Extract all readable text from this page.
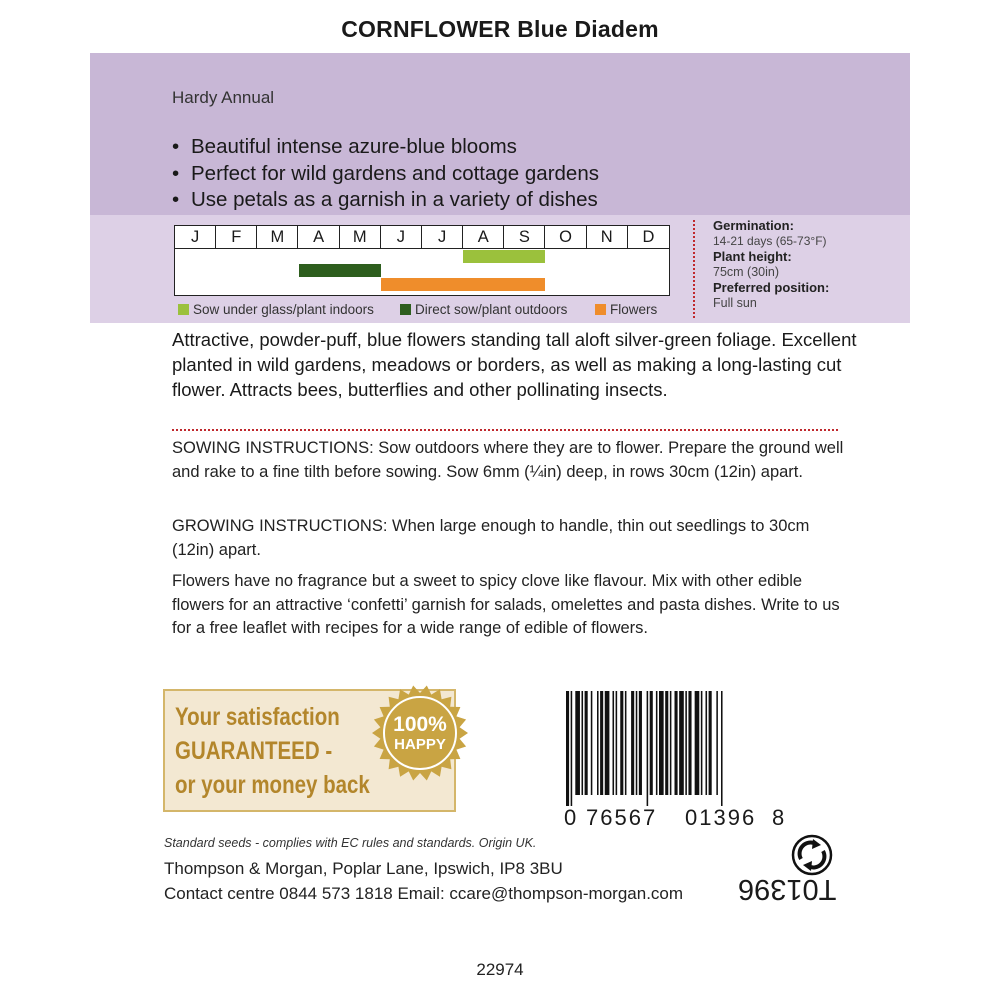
CORNFLOWER Blue Diadem
Hardy Annual
• Beautiful intense azure-blue blooms
• Perfect for wild gardens and cottage gardens
• Use petals as a garnish in a variety of dishes
J	F	M	A	M	J	J	A	S	O	N	D
Sow under glass/plant indoors	Direct sow/plant outdoors	Flowers
Germination:
14-21 days (65-73°F)
Plant height:
75cm (30in)
Preferred position:
Full sun
Attractive, powder-puff, blue flowers standing tall aloft silver-green foliage. Excellent planted in wild gardens, meadows or borders, as well as making a long-lasting cut flower. Attracts bees, butterflies and other pollinating insects.
SOWING INSTRUCTIONS: Sow outdoors where they are to flower. Prepare the ground well and rake to a fine tilth before sowing. Sow 6mm (¼in) deep, in rows 30cm (12in) apart.
GROWING INSTRUCTIONS: When large enough to handle, thin out seedlings to 30cm (12in) apart.
Flowers have no fragrance but a sweet to spicy clove like flavour. Mix with other edible flowers for an attractive ‘confetti’ garnish for salads, omelettes and pasta dishes. Write to us for a free leaflet with recipes for a wide range of edible of flowers.
Your satisfaction
GUARANTEED -
or your money back
100%
HAPPY
0 76567 01396 8
Standard seeds - complies with EC rules and standards. Origin UK.
Thompson & Morgan, Poplar Lane, Ipswich, IP8 3BU
Contact centre 0844 573 1818 Email: ccare@thompson-morgan.com T01396
22974
